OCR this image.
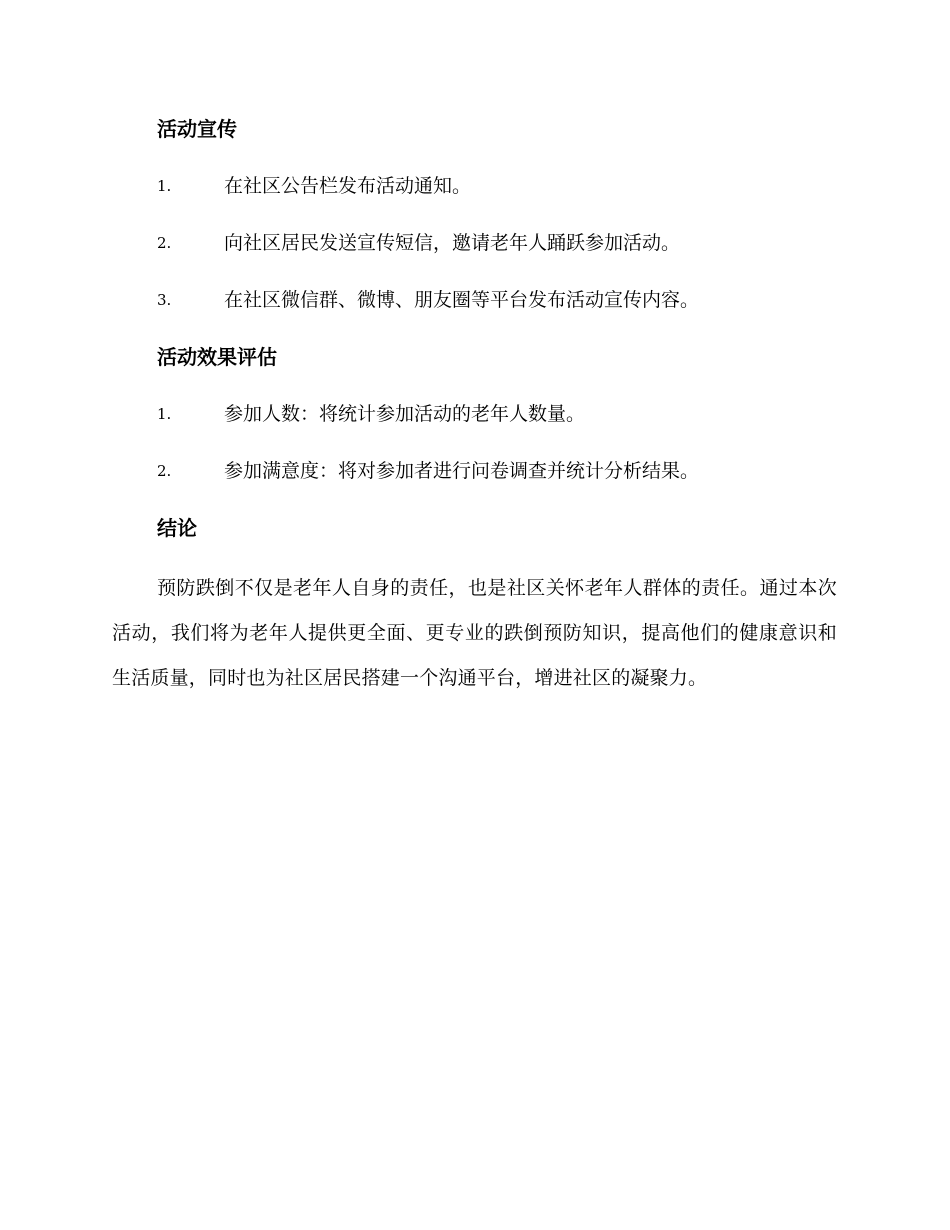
活动宣传
1.	在社区公告栏发布活动通知。
2.	向社区居民发送宣传短信，邀请老年人踊跃参加活动。
3.	在社区微信群、微博、朋友圈等平台发布活动宣传内容。
活动效果评估
1.	参加人数：将统计参加活动的老年人数量。
2.	参加满意度：将对参加者进行问卷调查并统计分析结果。
结论

预防跌倒不仅是老年人自身的责任，也是社区关怀老年人群体的责任。通过本次活动，我们将为老年人提供更全面、更专业的跌倒预防知识，提高他们的健康意识和生活质量，同时也为社区居民搭建一个沟通平台，增进社区的凝聚力。
